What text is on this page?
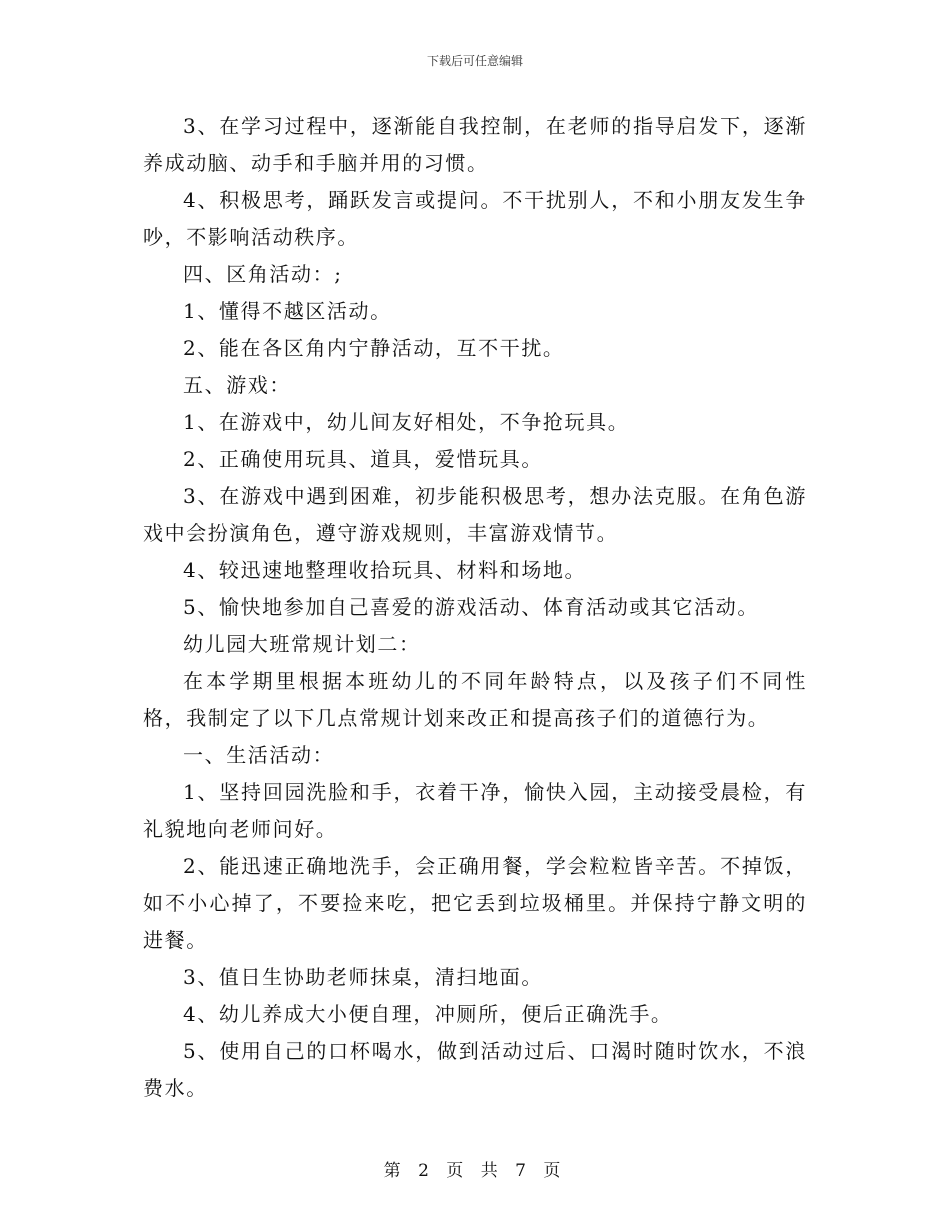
下载后可任意编辑

3、在学习过程中，逐渐能自我控制，在老师的指导启发下，逐渐养成动脑、动手和手脑并用的习惯。

4、积极思考，踊跃发言或提问。不干扰别人，不和小朋友发生争吵，不影响活动秩序。

四、区角活动：;

1、懂得不越区活动。

2、能在各区角内宁静活动，互不干扰。

五、游戏：

1、在游戏中，幼儿间友好相处，不争抢玩具。

2、正确使用玩具、道具，爱惜玩具。

3、在游戏中遇到困难，初步能积极思考，想办法克服。在角色游戏中会扮演角色，遵守游戏规则，丰富游戏情节。

4、较迅速地整理收拾玩具、材料和场地。

5、愉快地参加自己喜爱的游戏活动、体育活动或其它活动。

幼儿园大班常规计划二：

在本学期里根据本班幼儿的不同年龄特点，以及孩子们不同性格，我制定了以下几点常规计划来改正和提高孩子们的道德行为。

一、生活活动：

1、坚持回园洗脸和手，衣着干净，愉快入园，主动接受晨检，有礼貌地向老师问好。

2、能迅速正确地洗手，会正确用餐，学会粒粒皆辛苦。不掉饭，如不小心掉了，不要捡来吃，把它丢到垃圾桶里。并保持宁静文明的进餐。

3、值日生协助老师抹桌，清扫地面。

4、幼儿养成大小便自理，冲厕所，便后正确洗手。

5、使用自己的口杯喝水，做到活动过后、口渴时随时饮水，不浪费水。

第 2 页 共 7 页
